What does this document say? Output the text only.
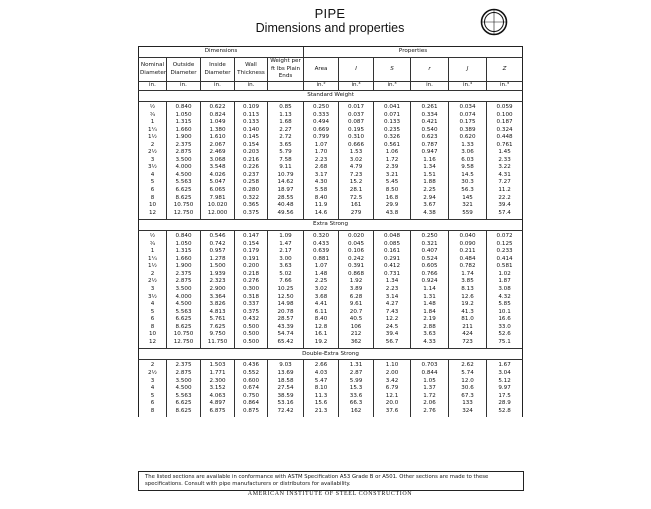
PIPE
Dimensions and properties
Dimensions					Properties					
Nominal Diameter	Outside Diameter	Inside Diameter	Wall Thickness	Weight per ft lbs Plain Ends	Area	I	S	r	J	Z
in.	in.	in.	in.		in.²	in.⁴	in.³	in.	in.⁴	in.³
Standard Weight										

½	0.840	0.622	0.109	0.85	0.250	0.017	0.041	0.261	0.034	0.059
¾	1.050	0.824	0.113	1.13	0.333	0.037	0.071	0.334	0.074	0.100
1	1.315	1.049	0.133	1.68	0.494	0.087	0.133	0.421	0.175	0.187
1¼	1.660	1.380	0.140	2.27	0.669	0.195	0.235	0.540	0.389	0.324
1½	1.900	1.610	0.145	2.72	0.799	0.310	0.326	0.623	0.620	0.448
2	2.375	2.067	0.154	3.65	1.07	0.666	0.561	0.787	1.33	0.761
2½	2.875	2.469	0.203	5.79	1.70	1.53	1.06	0.947	3.06	1.45
3	3.500	3.068	0.216	7.58	2.23	3.02	1.72	1.16	6.03	2.33
3½	4.000	3.548	0.226	9.11	2.68	4.79	2.39	1.34	9.58	3.22
4	4.500	4.026	0.237	10.79	3.17	7.23	3.21	1.51	14.5	4.31
5	5.563	5.047	0.258	14.62	4.30	15.2	5.45	1.88	30.3	7.27
6	6.625	6.065	0.280	18.97	5.58	28.1	8.50	2.25	56.3	11.2
8	8.625	7.981	0.322	28.55	8.40	72.5	16.8	2.94	145	22.2
10	10.750	10.020	0.365	40.48	11.9	161	29.9	3.67	321	39.4
12	12.750	12.000	0.375	49.56	14.6	279	43.8	4.38	559	57.4

Extra Strong										

½	0.840	0.546	0.147	1.09	0.320	0.020	0.048	0.250	0.040	0.072
¾	1.050	0.742	0.154	1.47	0.433	0.045	0.085	0.321	0.090	0.125
1	1.315	0.957	0.179	2.17	0.639	0.106	0.161	0.407	0.211	0.233
1¼	1.660	1.278	0.191	3.00	0.881	0.242	0.291	0.524	0.484	0.414
1½	1.900	1.500	0.200	3.63	1.07	0.391	0.412	0.605	0.782	0.581
2	2.375	1.939	0.218	5.02	1.48	0.868	0.731	0.766	1.74	1.02
2½	2.875	2.323	0.276	7.66	2.25	1.92	1.34	0.924	3.85	1.87
3	3.500	2.900	0.300	10.25	3.02	3.89	2.23	1.14	8.13	3.08
3½	4.000	3.364	0.318	12.50	3.68	6.28	3.14	1.31	12.6	4.32
4	4.500	3.826	0.337	14.98	4.41	9.61	4.27	1.48	19.2	5.85
5	5.563	4.813	0.375	20.78	6.11	20.7	7.43	1.84	41.3	10.1
6	6.625	5.761	0.432	28.57	8.40	40.5	12.2	2.19	81.0	16.6
8	8.625	7.625	0.500	43.39	12.8	106	24.5	2.88	211	33.0
10	10.750	9.750	0.500	54.74	16.1	212	39.4	3.63	424	52.6
12	12.750	11.750	0.500	65.42	19.2	362	56.7	4.33	723	75.1

Double-Extra Strong										

2	2.375	1.503	0.436	9.03	2.66	1.31	1.10	0.703	2.62	1.67
2½	2.875	1.771	0.552	13.69	4.03	2.87	2.00	0.844	5.74	3.04
3	3.500	2.300	0.600	18.58	5.47	5.99	3.42	1.05	12.0	5.12
4	4.500	3.152	0.674	27.54	8.10	15.3	6.79	1.37	30.6	9.97
5	5.563	4.063	0.750	38.59	11.3	33.6	12.1	1.72	67.3	17.5
6	6.625	4.897	0.864	53.16	15.6	66.3	20.0	2.06	133	28.9
8	8.625	6.875	0.875	72.42	21.3	162	37.6	2.76	324	52.8

The listed sections are available in conformance with ASTM Specification A53 Grade B or A501. Other sections are made to these specifications. Consult with pipe manufacturers or distributors for availability.
AMERICAN INSTITUTE OF STEEL CONSTRUCTION
